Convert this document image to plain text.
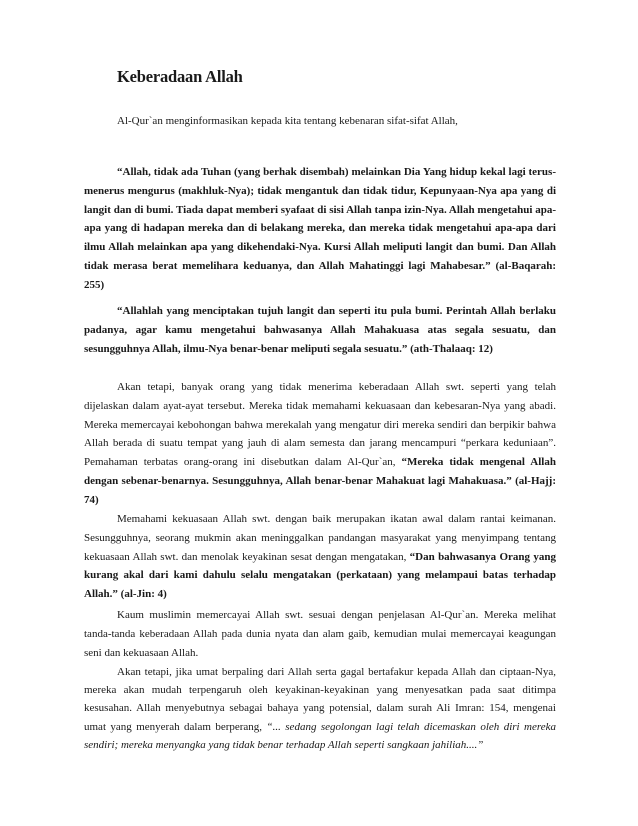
Keberadaan Allah
Al-Qur`an menginformasikan kepada kita tentang kebenaran sifat-sifat Allah,
“Allah, tidak ada Tuhan (yang berhak disembah) melainkan Dia Yang hidup kekal lagi terus-menerus mengurus (makhluk-Nya); tidak mengantuk dan tidak tidur, Kepunyaan-Nya apa yang di langit dan di bumi. Tiada dapat memberi syafaat di sisi Allah tanpa izin-Nya. Allah mengetahui apa-apa yang di hadapan mereka dan di belakang mereka, dan mereka tidak mengetahui apa-apa dari ilmu Allah melainkan apa yang dikehendaki-Nya. Kursi Allah meliputi langit dan bumi. Dan Allah tidak merasa berat memelihara keduanya, dan Allah Mahatinggi lagi Mahabesar.” (al-Baqarah: 255)
“Allahlah yang menciptakan tujuh langit dan seperti itu pula bumi. Perintah Allah berlaku padanya, agar kamu mengetahui bahwasanya Allah Mahakuasa atas segala sesuatu, dan sesungguhnya Allah, ilmu-Nya benar-benar meliputi segala sesuatu.” (ath-Thalaaq: 12)
Akan tetapi, banyak orang yang tidak menerima keberadaan Allah swt. seperti yang telah dijelaskan dalam ayat-ayat tersebut. Mereka tidak memahami kekuasaan dan kebesaran-Nya yang abadi. Mereka memercayai kebohongan bahwa merekalah yang mengatur diri mereka sendiri dan berpikir bahwa Allah berada di suatu tempat yang jauh di alam semesta dan jarang mencampuri “perkara keduniaan”. Pemahaman terbatas orang-orang ini disebutkan dalam Al-Qur`an, “Mereka tidak mengenal Allah dengan sebenar-benarnya. Sesungguhnya, Allah benar-benar Mahakuat lagi Mahakuasa.” (al-Hajj: 74)
Memahami kekuasaan Allah swt. dengan baik merupakan ikatan awal dalam rantai keimanan. Sesungguhnya, seorang mukmin akan meninggalkan pandangan masyarakat yang menyimpang tentang kekuasaan Allah swt. dan menolak keyakinan sesat dengan mengatakan, “Dan bahwasanya Orang yang kurang akal dari kami dahulu selalu mengatakan (perkataan) yang melampaui batas terhadap Allah.” (al-Jin: 4)
Kaum muslimin memercayai Allah swt. sesuai dengan penjelasan Al-Qur`an. Mereka melihat tanda-tanda keberadaan Allah pada dunia nyata dan alam gaib, kemudian mulai memercayai keagungan seni dan kekuasaan Allah.
Akan tetapi, jika umat berpaling dari Allah serta gagal bertafakur kepada Allah dan ciptaan-Nya, mereka akan mudah terpengaruh oleh keyakinan-keyakinan yang menyesatkan pada saat ditimpa kesusahan. Allah menyebutnya sebagai bahaya yang potensial, dalam surah Ali Imran: 154, mengenai umat yang menyerah dalam berperang, “... sedang segolongan lagi telah dicemaskan oleh diri mereka sendiri; mereka menyangka yang tidak benar terhadap Allah seperti sangkaan jahiliah....”
